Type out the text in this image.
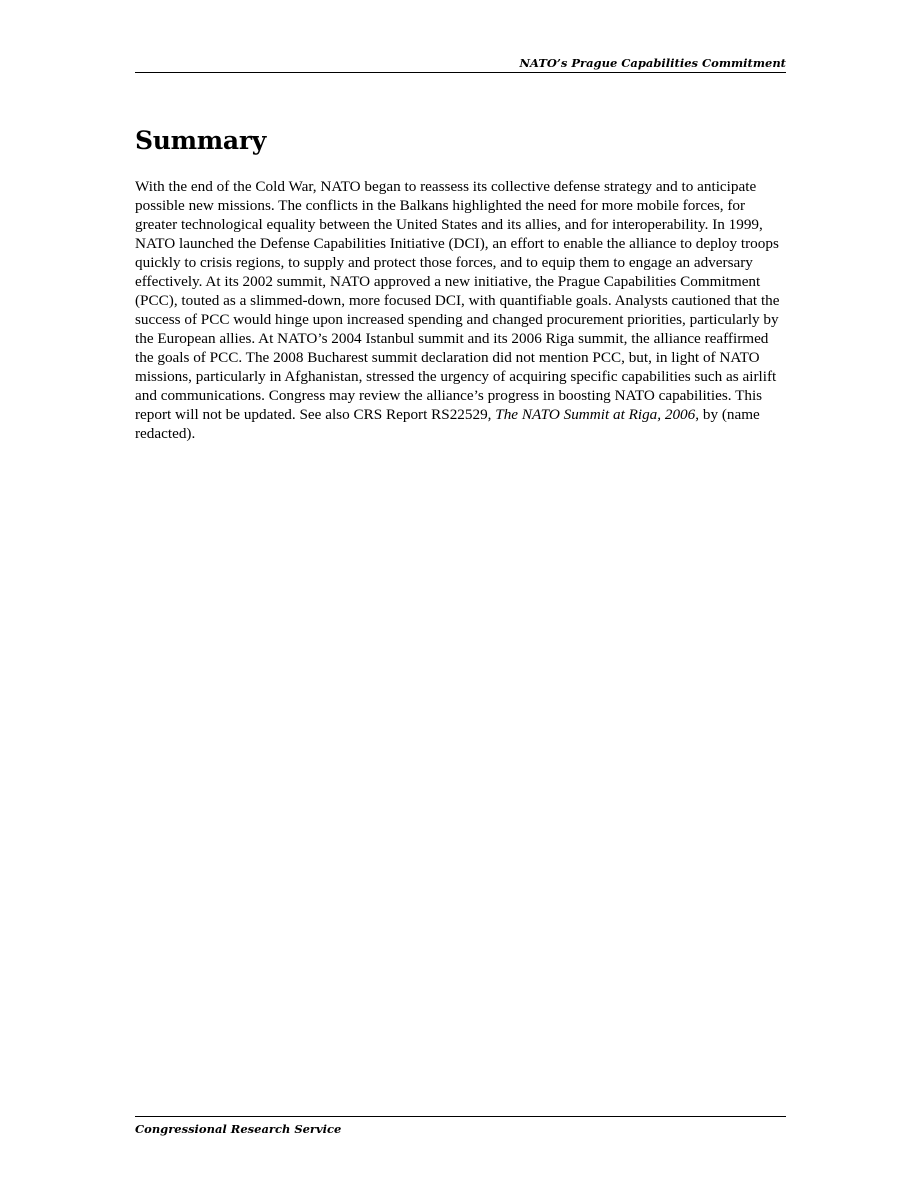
NATO’s Prague Capabilities Commitment
Summary

With the end of the Cold War, NATO began to reassess its collective defense strategy and to anticipate possible new missions. The conflicts in the Balkans highlighted the need for more mobile forces, for greater technological equality between the United States and its allies, and for interoperability. In 1999, NATO launched the Defense Capabilities Initiative (DCI), an effort to enable the alliance to deploy troops quickly to crisis regions, to supply and protect those forces, and to equip them to engage an adversary effectively. At its 2002 summit, NATO approved a new initiative, the Prague Capabilities Commitment (PCC), touted as a slimmed-down, more focused DCI, with quantifiable goals. Analysts cautioned that the success of PCC would hinge upon increased spending and changed procurement priorities, particularly by the European allies. At NATO’s 2004 Istanbul summit and its 2006 Riga summit, the alliance reaffirmed the goals of PCC. The 2008 Bucharest summit declaration did not mention PCC, but, in light of NATO missions, particularly in Afghanistan, stressed the urgency of acquiring specific capabilities such as airlift and communications. Congress may review the alliance’s progress in boosting NATO capabilities. This report will not be updated. See also CRS Report RS22529, The NATO Summit at Riga, 2006, by (name redacted).

Congressional Research Service
